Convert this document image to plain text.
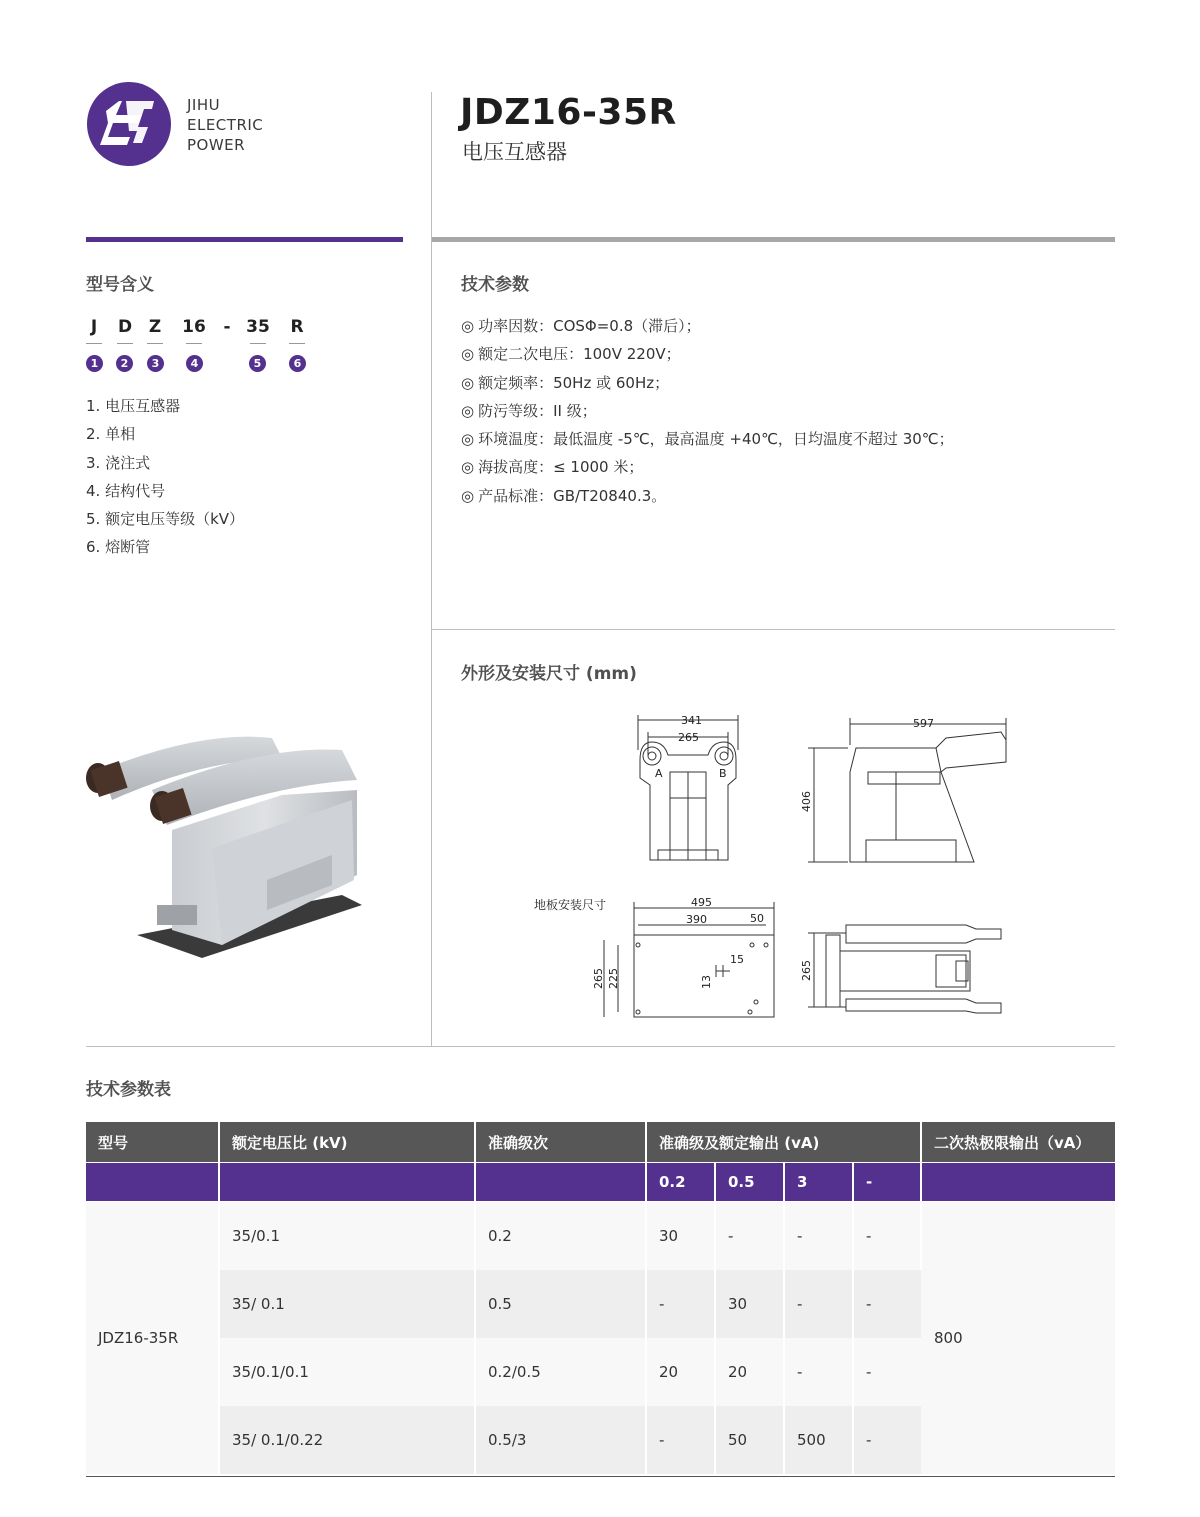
JIHU
ELECTRIC
POWER
JDZ16-35R
电压互感器
型号含义
J	D Z	16	- 35	R
1	2	3	4	5	6
1. 电压互感器
2. 单相
3. 浇注式
4. 结构代号
5. 额定电压等级（kV）
6. 熔断管
技术参数
◎ 功率因数：COSΦ=0.8（滞后）；
◎ 额定二次电压：100V 220V；
◎ 额定频率：50Hz 或 60Hz；
◎ 防污等级：II 级；
◎ 环境温度：最低温度 -5℃，最高温度 +40℃，日均温度不超过 30℃；
◎ 海拔高度：≤ 1000 米；
◎ 产品标准：GB/T20840.3。
外形及安装尺寸 (mm)
341
265
A	B
597
406
地板安装尺寸	495
390	50
265 225
15
13
265
技术参数表
型号	额定电压比 (kV)	准确级次	准确级及额定输出 (vA)				二次热极限输出（vA）
			0.2	0.5	3	-	
JDZ16-35R	35/0.1	0.2	30	-	-	-	800
	35/ 0.1	0.5	-	30	-	-	
	35/0.1/0.1	0.2/0.5	20	20	-	-	
	35/ 0.1/0.22	0.5/3	-	50	500	-	
